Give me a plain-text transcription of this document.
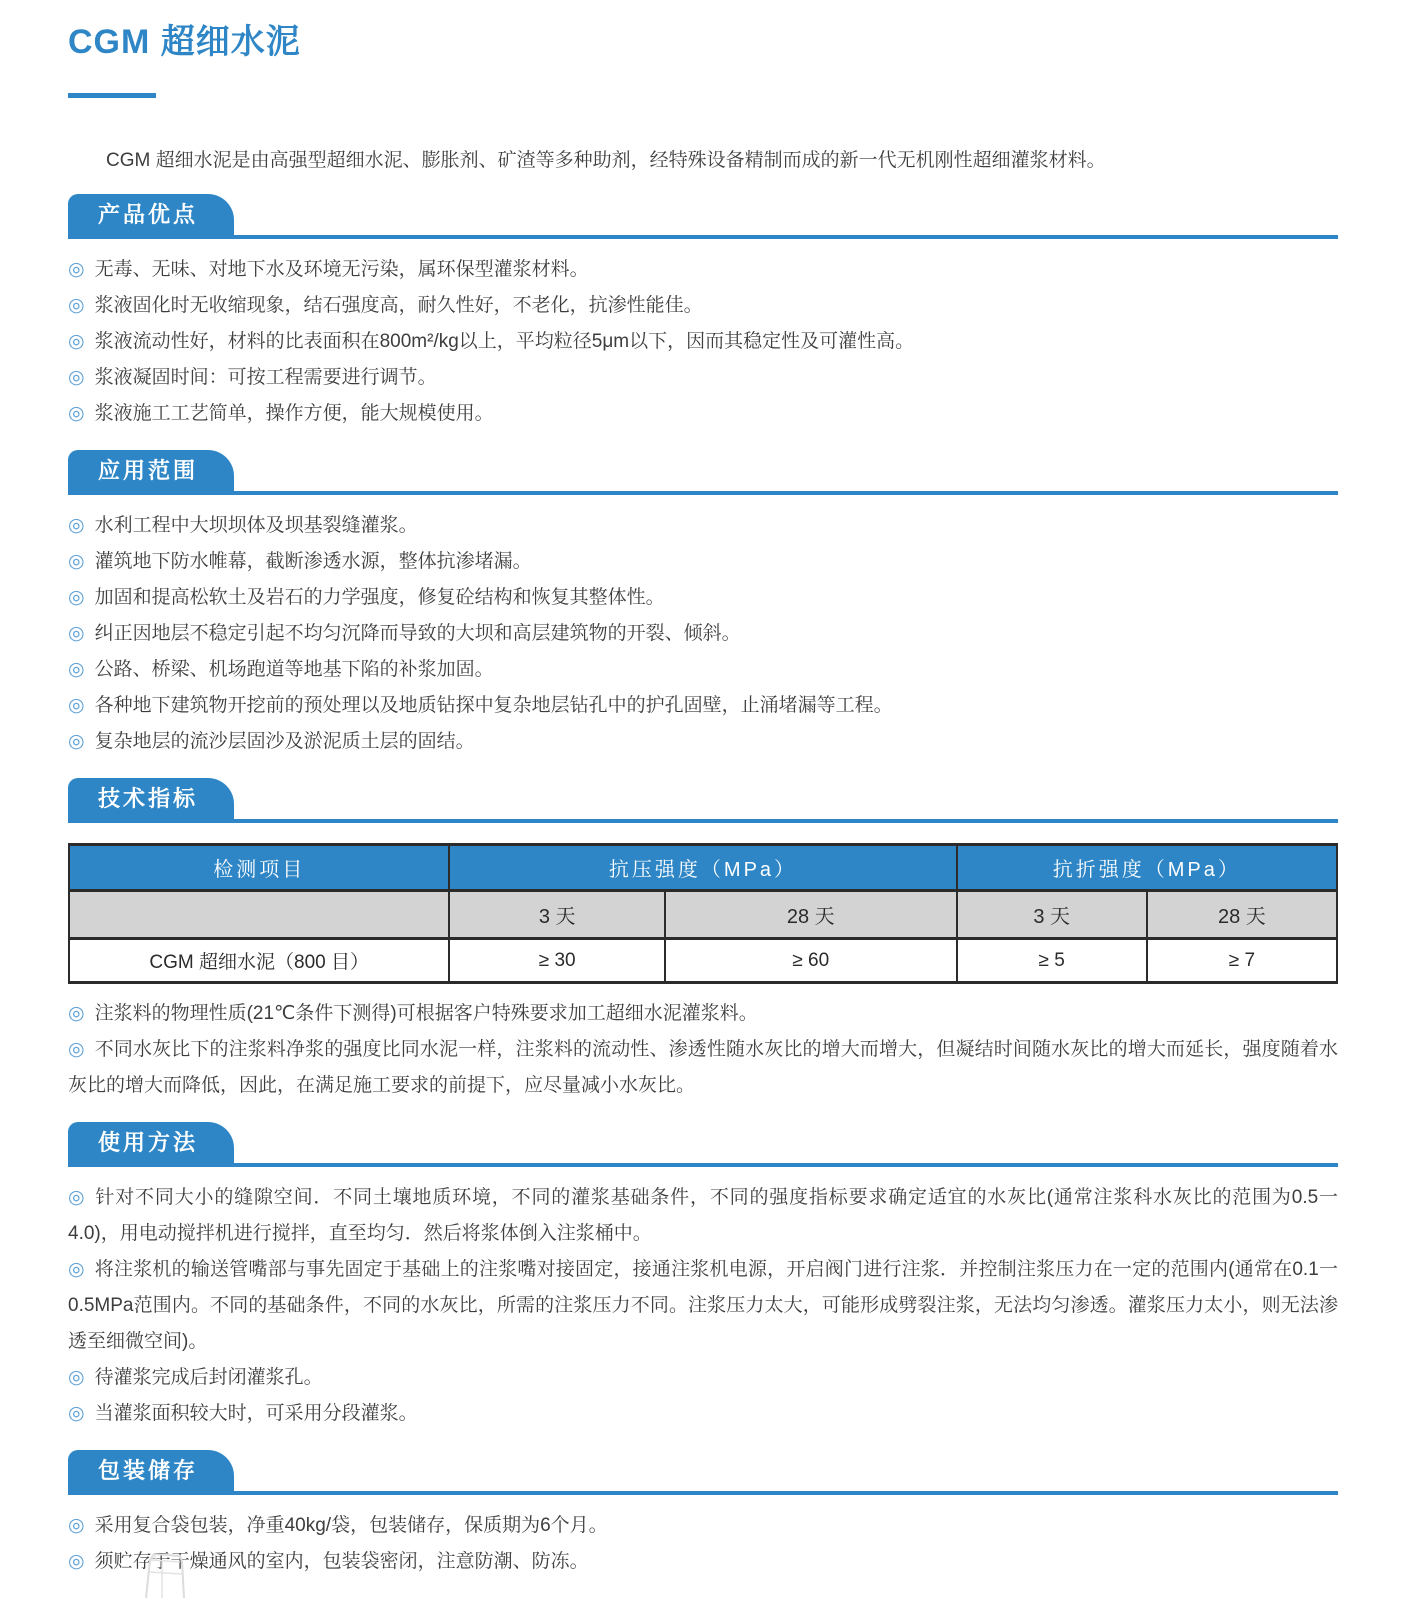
CGM 超细水泥

CGM 超细水泥是由高强型超细水泥、膨胀剂、矿渣等多种助剂，经特殊设备精制而成的新一代无机刚性超细灌浆材料。

产品优点

◎ 无毒、无味、对地下水及环境无污染，属环保型灌浆材料。

◎ 浆液固化时无收缩现象，结石强度高，耐久性好，不老化，抗渗性能佳。

◎ 浆液流动性好，材料的比表面积在800m²/kg以上，平均粒径5μm以下，因而其稳定性及可灌性高。

◎ 浆液凝固时间：可按工程需要进行调节。

◎ 浆液施工工艺简单，操作方便，能大规模使用。

应用范围

◎ 水利工程中大坝坝体及坝基裂缝灌浆。

◎ 灌筑地下防水帷幕，截断渗透水源，整体抗渗堵漏。

◎ 加固和提高松软土及岩石的力学强度，修复砼结构和恢复其整体性。

◎ 纠正因地层不稳定引起不均匀沉降而导致的大坝和高层建筑物的开裂、倾斜。

◎ 公路、桥梁、机场跑道等地基下陷的补浆加固。

◎ 各种地下建筑物开挖前的预处理以及地质钻探中复杂地层钻孔中的护孔固壁，止涌堵漏等工程。

◎ 复杂地层的流沙层固沙及淤泥质土层的固结。

技术指标
检测项目	抗压强度（MPa）		抗折强度（MPa）	
	3 天	28 天	3 天	28 天
CGM 超细水泥（800 目）	≥ 30	≥ 60	≥ 5	≥ 7

◎ 注浆料的物理性质(21℃条件下测得)可根据客户特殊要求加工超细水泥灌浆料。

◎ 不同水灰比下的注浆料净浆的强度比同水泥一样，注浆料的流动性、渗透性随水灰比的增大而增大，但凝结时间随水灰比的增大而延长，强度随着水灰比的增大而降低，因此，在满足施工要求的前提下，应尽量减小水灰比。

使用方法

◎ 针对不同大小的缝隙空间．不同土壤地质环境，不同的灌浆基础条件，不同的强度指标要求确定适宜的水灰比(通常注浆科水灰比的范围为0.5一4.0)，用电动搅拌机进行搅拌，直至均匀．然后将浆体倒入注浆桶中。

◎ 将注浆机的输送管嘴部与事先固定于基础上的注浆嘴对接固定，接通注浆机电源，开启阀门进行注浆．并控制注浆压力在一定的范围内(通常在0.1一0.5MPa范围内。不同的基础条件，不同的水灰比，所需的注浆压力不同。注浆压力太大，可能形成劈裂注浆，无法均匀渗透。灌浆压力太小，则无法渗透至细微空间)。

◎ 待灌浆完成后封闭灌浆孔。

◎ 当灌浆面积较大时，可采用分段灌浆。

包装储存

◎ 采用复合袋包装，净重40kg/袋，包装储存，保质期为6个月。

◎ 须贮存于干燥通风的室内，包装袋密闭，注意防潮、防冻。
